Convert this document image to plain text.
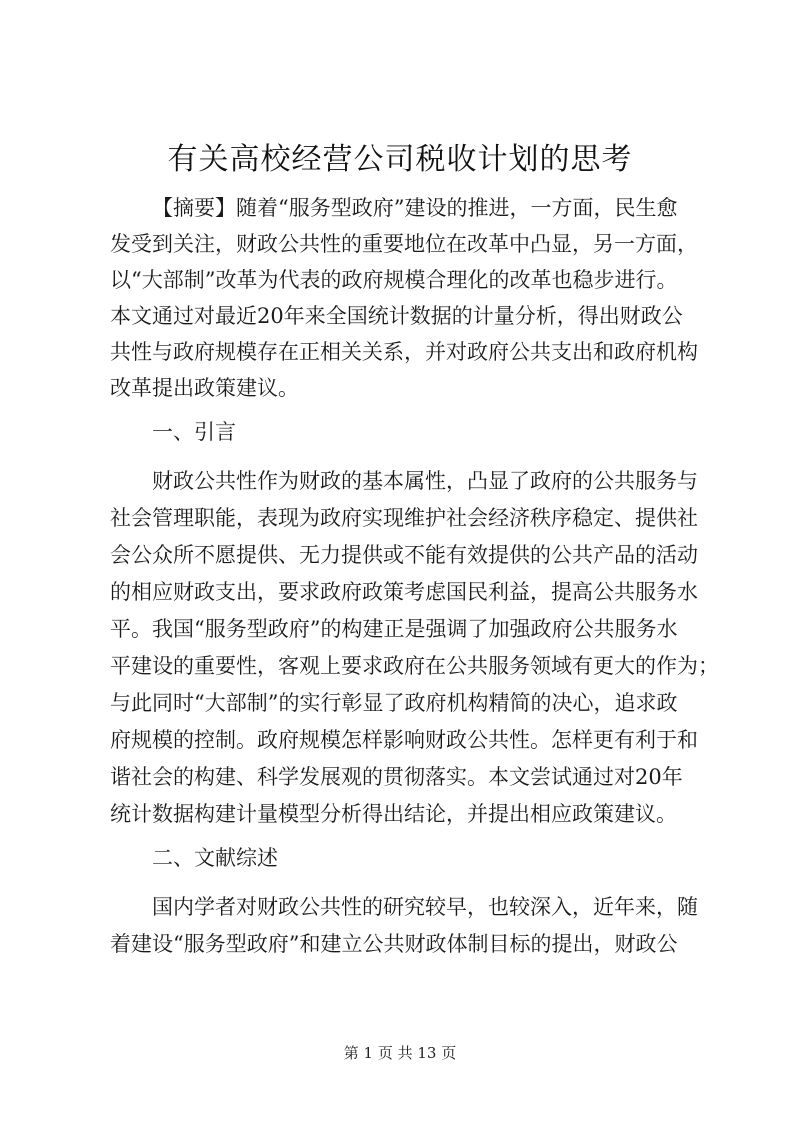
有关高校经营公司税收计划的思考
【摘要】随着“服务型政府”建设的推进，一方面，民生愈
发受到关注，财政公共性的重要地位在改革中凸显，另一方面，
以“大部制”改革为代表的政府规模合理化的改革也稳步进行。
本文通过对最近20年来全国统计数据的计量分析，得出财政公
共性与政府规模存在正相关关系，并对政府公共支出和政府机构
改革提出政策建议。
一、引言
财政公共性作为财政的基本属性，凸显了政府的公共服务与
社会管理职能，表现为政府实现维护社会经济秩序稳定、提供社
会公众所不愿提供、无力提供或不能有效提供的公共产品的活动
的相应财政支出，要求政府政策考虑国民利益，提高公共服务水
平。我国“服务型政府”的构建正是强调了加强政府公共服务水
平建设的重要性，客观上要求政府在公共服务领域有更大的作为；
与此同时“大部制”的实行彰显了政府机构精简的决心，追求政
府规模的控制。政府规模怎样影响财政公共性。怎样更有利于和
谐社会的构建、科学发展观的贯彻落实。本文尝试通过对20年
统计数据构建计量模型分析得出结论，并提出相应政策建议。
二、文献综述
国内学者对财政公共性的研究较早，也较深入，近年来，随
着建设“服务型政府”和建立公共财政体制目标的提出，财政公
第 1 页 共 13 页
